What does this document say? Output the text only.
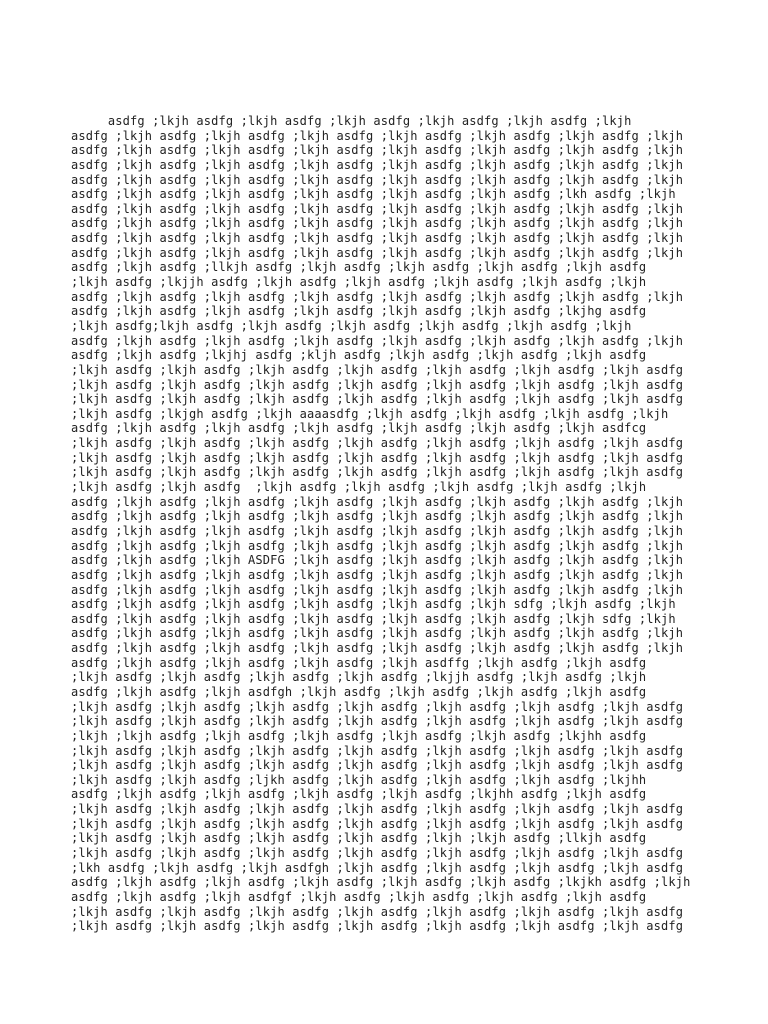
asdfg ;lkjh asdfg ;lkjh asdfg ;lkjh asdfg ;lkjh asdfg ;lkjh asdfg ;lkjh
asdfg ;lkjh asdfg ;lkjh asdfg ;lkjh asdfg ;lkjh asdfg ;lkjh asdfg ;lkjh asdfg ;lkjh
asdfg ;lkjh asdfg ;lkjh asdfg ;lkjh asdfg ;lkjh asdfg ;lkjh asdfg ;lkjh asdfg ;lkjh
asdfg ;lkjh asdfg ;lkjh asdfg ;lkjh asdfg ;lkjh asdfg ;lkjh asdfg ;lkjh asdfg ;lkjh
asdfg ;lkjh asdfg ;lkjh asdfg ;lkjh asdfg ;lkjh asdfg ;lkjh asdfg ;lkjh asdfg ;lkjh
asdfg ;lkjh asdfg ;lkjh asdfg ;lkjh asdfg ;lkjh asdfg ;lkjh asdfg ;lkh asdfg ;lkjh
asdfg ;lkjh asdfg ;lkjh asdfg ;lkjh asdfg ;lkjh asdfg ;lkjh asdfg ;lkjh asdfg ;lkjh
asdfg ;lkjh asdfg ;lkjh asdfg ;lkjh asdfg ;lkjh asdfg ;lkjh asdfg ;lkjh asdfg ;lkjh
asdfg ;lkjh asdfg ;lkjh asdfg ;lkjh asdfg ;lkjh asdfg ;lkjh asdfg ;lkjh asdfg ;lkjh
asdfg ;lkjh asdfg ;lkjh asdfg ;lkjh asdfg ;lkjh asdfg ;lkjh asdfg ;lkjh asdfg ;lkjh
asdfg ;lkjh asdfg ;llkjh asdfg ;lkjh asdfg ;lkjh asdfg ;lkjh asdfg ;lkjh asdfg
;lkjh asdfg ;lkjjh asdfg ;lkjh asdfg ;lkjh asdfg ;lkjh asdfg ;lkjh asdfg ;lkjh
asdfg ;lkjh asdfg ;lkjh asdfg ;lkjh asdfg ;lkjh asdfg ;lkjh asdfg ;lkjh asdfg ;lkjh
asdfg ;lkjh asdfg ;lkjh asdfg ;lkjh asdfg ;lkjh asdfg ;lkjh asdfg ;lkjhg asdfg
;lkjh asdfg;lkjh asdfg ;lkjh asdfg ;lkjh asdfg ;lkjh asdfg ;lkjh asdfg ;lkjh
asdfg ;lkjh asdfg ;lkjh asdfg ;lkjh asdfg ;lkjh asdfg ;lkjh asdfg ;lkjh asdfg ;lkjh
asdfg ;lkjh asdfg ;lkjhj asdfg ;klјh asdfg ;lkjh asdfg ;lkjh asdfg ;lkjh asdfg
;lkjh asdfg ;lkjh asdfg ;lkjh asdfg ;lkjh asdfg ;lkjh asdfg ;lkjh asdfg ;lkjh asdfg
;lkjh asdfg ;lkjh asdfg ;lkjh asdfg ;lkjh asdfg ;lkjh asdfg ;lkjh asdfg ;lkjh asdfg
;lkjh asdfg ;lkjh asdfg ;lkjh asdfg ;lkjh asdfg ;lkjh asdfg ;lkjh asdfg ;lkjh asdfg
;lkjh asdfg ;lkjgh asdfg ;lkjh aaaasdfg ;lkjh asdfg ;lkjh asdfg ;lkjh asdfg ;lkjh
asdfg ;lkjh asdfg ;lkjh asdfg ;lkjh asdfg ;lkjh asdfg ;lkjh asdfg ;lkjh asdfcg
;lkjh asdfg ;lkjh asdfg ;lkjh asdfg ;lkjh asdfg ;lkjh asdfg ;lkjh asdfg ;lkjh asdfg
;lkjh asdfg ;lkjh asdfg ;lkjh asdfg ;lkjh asdfg ;lkjh asdfg ;lkjh asdfg ;lkjh asdfg
;lkjh asdfg ;lkjh asdfg ;lkjh asdfg ;lkjh asdfg ;lkjh asdfg ;lkjh asdfg ;lkjh asdfg
;lkjh asdfg ;lkjh asdfg  ;lkjh asdfg ;lkjh asdfg ;lkjh asdfg ;lkjh asdfg ;lkjh
asdfg ;lkjh asdfg ;lkjh asdfg ;lkjh asdfg ;lkjh asdfg ;lkjh asdfg ;lkjh asdfg ;lkjh
asdfg ;lkjh asdfg ;lkjh asdfg ;lkjh asdfg ;lkjh asdfg ;lkjh asdfg ;lkjh asdfg ;lkjh
asdfg ;lkjh asdfg ;lkjh asdfg ;lkjh asdfg ;lkjh asdfg ;lkjh asdfg ;lkjh asdfg ;lkjh
asdfg ;lkjh asdfg ;lkjh asdfg ;lkjh asdfg ;lkjh asdfg ;lkjh asdfg ;lkjh asdfg ;lkjh
asdfg ;lkjh asdfg ;lkjh ASDFG ;lkjh asdfg ;lkjh asdfg ;lkjh asdfg ;lkjh asdfg ;lkjh
asdfg ;lkjh asdfg ;lkjh asdfg ;lkjh asdfg ;lkjh asdfg ;lkjh asdfg ;lkjh asdfg ;lkjh
asdfg ;lkjh asdfg ;lkjh asdfg ;lkjh asdfg ;lkjh asdfg ;lkjh asdfg ;lkjh asdfg ;lkjh
asdfg ;lkjh asdfg ;lkjh asdfg ;lkjh asdfg ;lkjh asdfg ;lkjh sdfg ;lkjh asdfg ;lkjh
asdfg ;lkjh asdfg ;lkjh asdfg ;lkjh asdfg ;lkjh asdfg ;lkjh asdfg ;lkjh sdfg ;lkjh
asdfg ;lkjh asdfg ;lkjh asdfg ;lkjh asdfg ;lkjh asdfg ;lkjh asdfg ;lkjh asdfg ;lkjh
asdfg ;lkjh asdfg ;lkjh asdfg ;lkjh asdfg ;lkjh asdfg ;lkjh asdfg ;lkjh asdfg ;lkjh
asdfg ;lkjh asdfg ;lkjh asdfg ;lkjh asdfg ;lkjh asdffg ;lkjh asdfg ;lkjh asdfg
;lkjh asdfg ;lkjh asdfg ;lkjh asdfg ;lkjh asdfg ;lkjjh asdfg ;lkjh asdfg ;lkjh
asdfg ;lkjh asdfg ;lkjh asdfgh ;lkjh asdfg ;lkjh asdfg ;lkjh asdfg ;lkjh asdfg
;lkjh asdfg ;lkjh asdfg ;lkjh asdfg ;lkjh asdfg ;lkjh asdfg ;lkjh asdfg ;lkjh asdfg
;lkjh asdfg ;lkjh asdfg ;lkjh asdfg ;lkjh asdfg ;lkjh asdfg ;lkjh asdfg ;lkjh asdfg
;lkjh ;lkjh asdfg ;lkjh asdfg ;lkjh asdfg ;lkjh asdfg ;lkjh asdfg ;lkjhh asdfg
;lkjh asdfg ;lkjh asdfg ;lkjh asdfg ;lkjh asdfg ;lkjh asdfg ;lkjh asdfg ;lkjh asdfg
;lkjh asdfg ;lkjh asdfg ;lkjh asdfg ;lkjh asdfg ;lkjh asdfg ;lkjh asdfg ;lkjh asdfg
;lkjh asdfg ;lkjh asdfg ;ljkh asdfg ;lkjh asdfg ;lkjh asdfg ;lkjh asdfg ;lkjhh
asdfg ;lkjh asdfg ;lkjh asdfg ;lkjh asdfg ;lkjh asdfg ;lkjhh asdfg ;lkjh asdfg
;lkjh asdfg ;lkjh asdfg ;lkjh asdfg ;lkjh asdfg ;lkjh asdfg ;lkjh asdfg ;lkjh asdfg
;lkjh asdfg ;lkjh asdfg ;lkjh asdfg ;lkjh asdfg ;lkjh asdfg ;lkjh asdfg ;lkjh asdfg
;lkjh asdfg ;lkjh asdfg ;lkjh asdfg ;lkjh asdfg ;lkjh ;lkjh asdfg ;llkjh asdfg
;lkjh asdfg ;lkjh asdfg ;lkjh asdfg ;lkjh asdfg ;lkjh asdfg ;lkjh asdfg ;lkjh asdfg
;lkh asdfg ;lkjh asdfg ;lkjh asdfgh ;lkjh asdfg ;lkjh asdfg ;lkjh asdfg ;lkjh asdfg
asdfg ;lkjh asdfg ;lkjh asdfg ;lkjh asdfg ;lkjh asdfg ;lkjh asdfg ;lkjkh asdfg ;lkjh
asdfg ;lkjh asdfg ;lkjh asdfgf ;lkjh asdfg ;lkjh asdfg ;lkjh asdfg ;lkjh asdfg
;lkjh asdfg ;lkjh asdfg ;lkjh asdfg ;lkjh asdfg ;lkjh asdfg ;lkjh asdfg ;lkjh asdfg
;lkjh asdfg ;lkjh asdfg ;lkjh asdfg ;lkjh asdfg ;lkjh asdfg ;lkjh asdfg ;lkjh asdfg
